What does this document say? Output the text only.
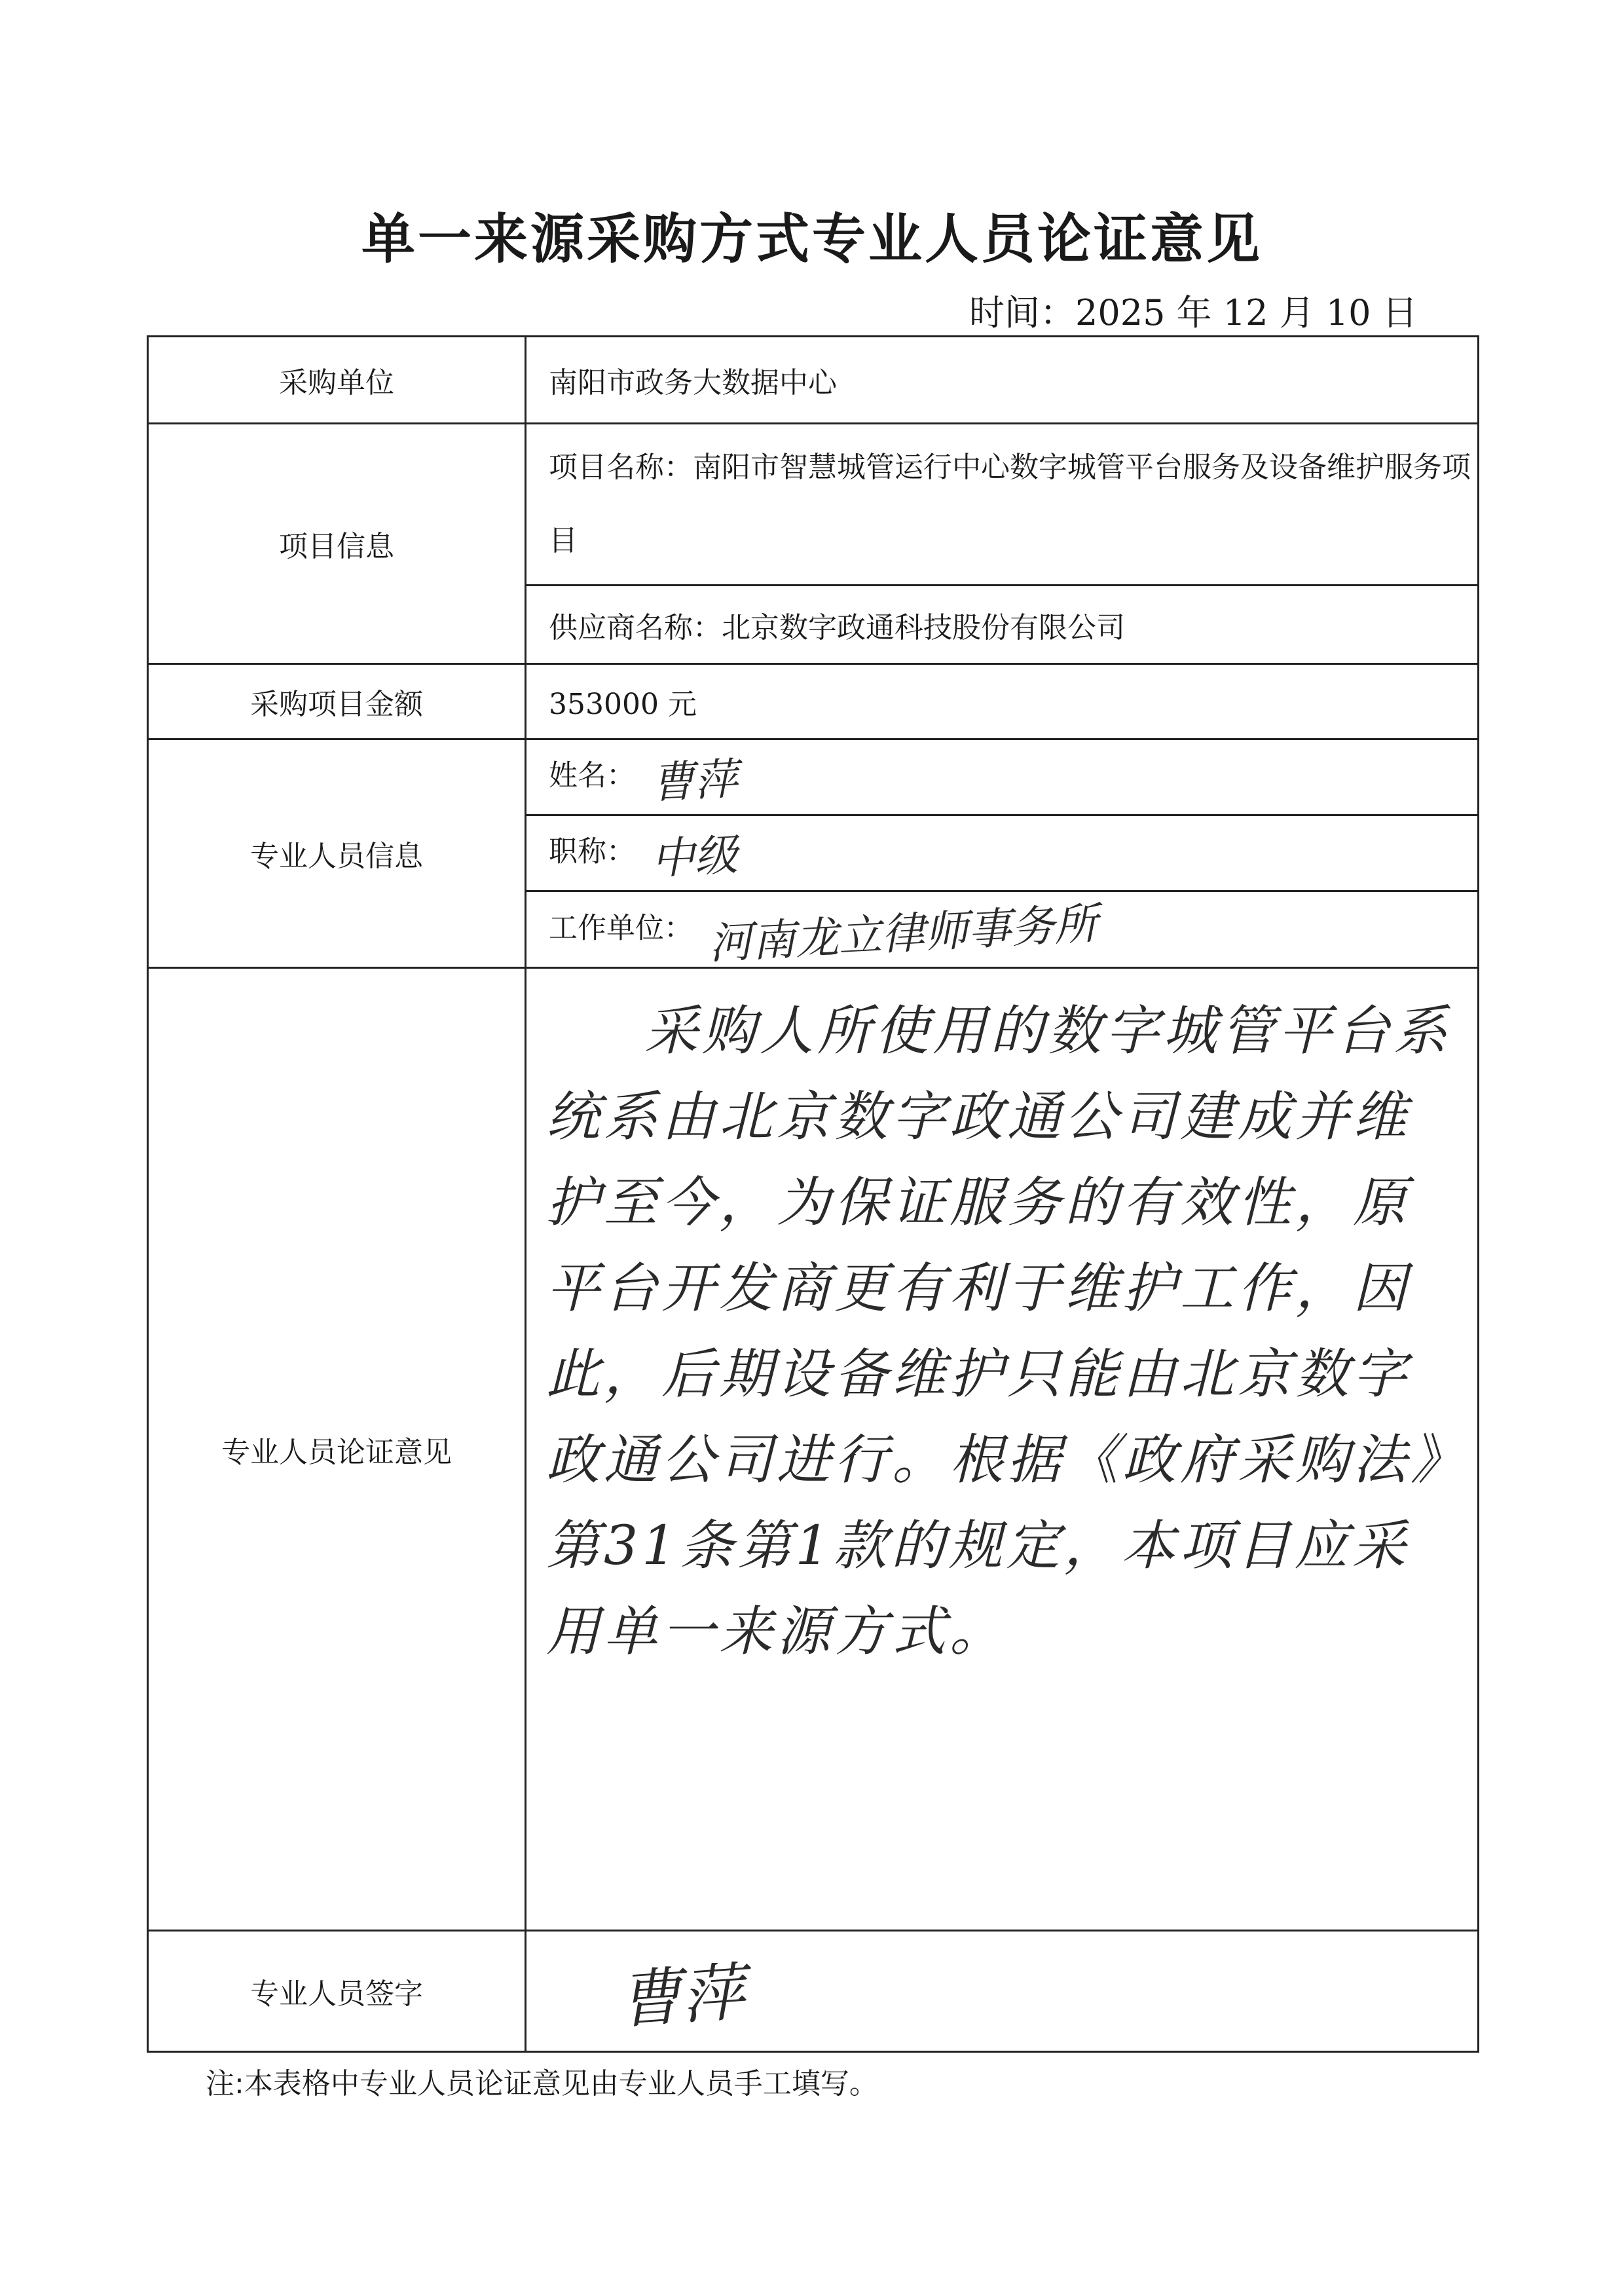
单一来源采购方式专业人员论证意见
时间：2025 年 12 月 10 日
采购单位	南阳市政务大数据中心
项目信息	项目名称：南阳市智慧城管运行中心数字城管平台服务及设备维护服务项目
	供应商名称：北京数字政通科技股份有限公司
采购项目金额	353000 元
专业人员信息	姓名： 曹萍
	职称： 中级
	工作单位： 河南龙立律师事务所
专业人员论证意见	采购人所使用的数字城管平台系统系由北京数字政通公司建成并维护至今，为保证服务的有效性，原平台开发商更有利于维护工作，因此，后期设备维护只能由北京数字政通公司进行。根据《政府采购法》第31条第1款的规定，本项目应采用单一来源方式。

专业人员签字	曹萍

注:本表格中专业人员论证意见由专业人员手工填写。
